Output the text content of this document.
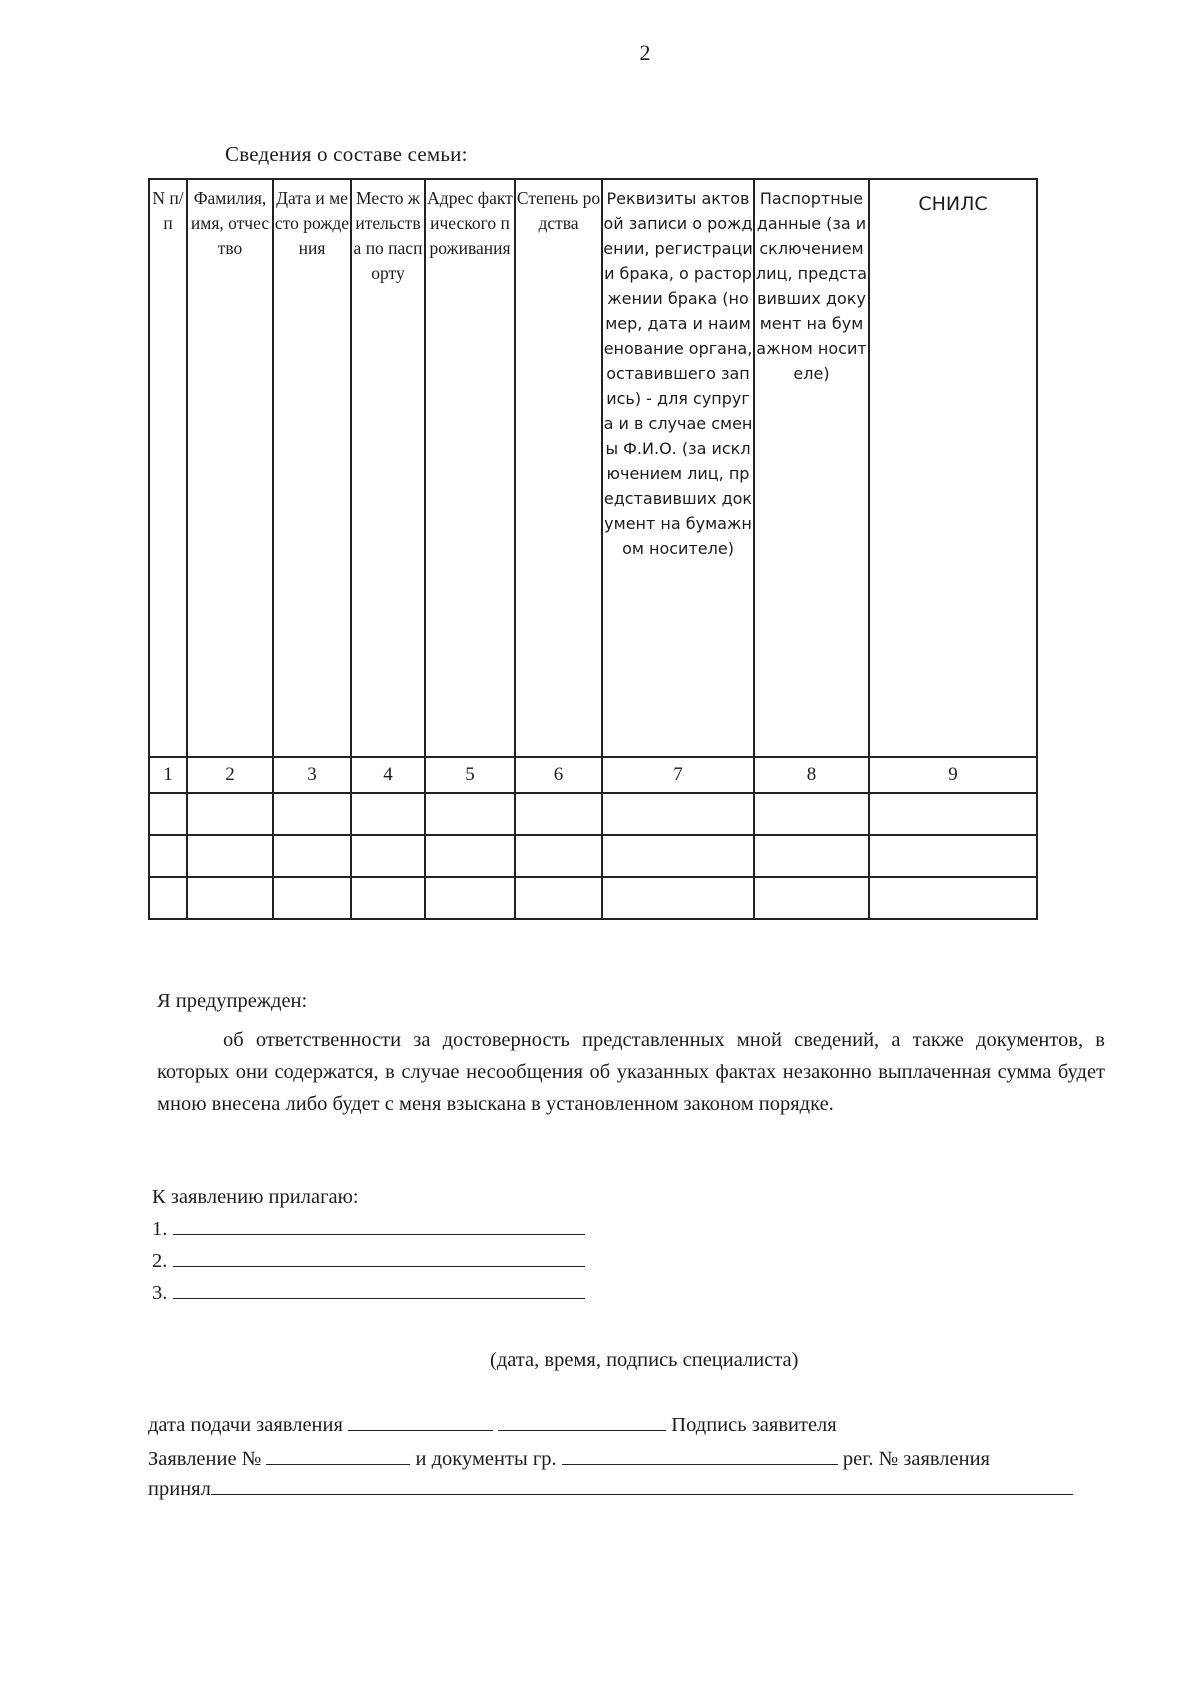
2
Сведения о составе семьи:
N п/п	Фамилия, имя, отчество	Дата и место рождения	Место жительства по паспорту	Адрес фактического проживания	Степень родства	Реквизиты актовой записи о рождении, регистрации брака, о расторжении брака (номер, дата и наименование органа, оставившего запись) - для супруга и в случае смены Ф.И.О. (за исключением лиц, представивших документ на бумажном носителе)	Паспортные данные (за исключением лиц, представивших документ на бумажном носителе)	СНИЛС
1	2	3	4	5	6	7	8	9

Я предупрежден:
об ответственности за достоверность представленных мной сведений, а также документов, в которых они содержатся, в случае несообщения об указанных фактах незаконно выплаченная сумма будет мною внесена либо будет с меня взыскана в установленном законом порядке.
К заявлению прилагаю:
1.
2.
3.
(дата, время, подпись специалиста)
дата подачи заявления	Подпись заявителя
Заявление №	и документы гр.	рег. № заявления
принял
